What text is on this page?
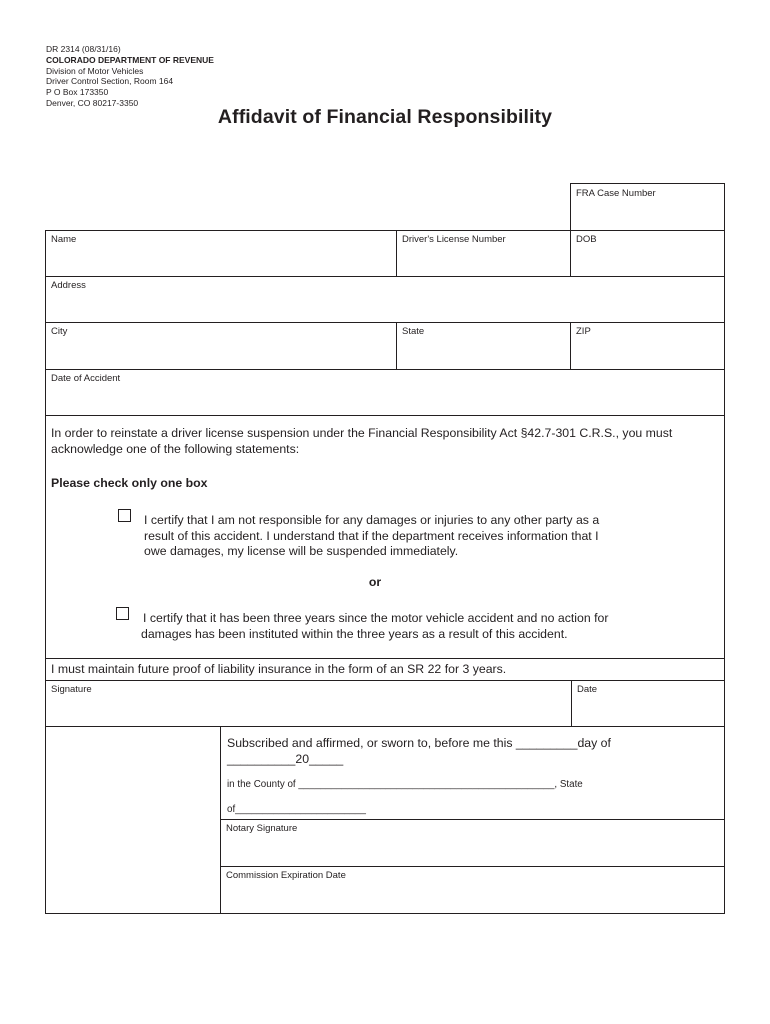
DR 2314 (08/31/16)
COLORADO DEPARTMENT OF REVENUE
Division of Motor Vehicles
Driver Control Section, Room 164
P O Box 173350
Denver, CO 80217-3350
Affidavit of Financial Responsibility
FRA Case Number
Name	Driver's License Number	DOB
Address
City	State	ZIP
Date of Accident
In order to reinstate a driver license suspension under the Financial Responsibility Act §42.7-301 C.R.S., you must
acknowledge one of the following statements:
Please check only one box
I certify that I am not responsible for any damages or injuries to any other party as a
result of this accident. I understand that if the department receives information that I
owe damages, my license will be suspended immediately.
or
I certify that it has been three years since the motor vehicle accident and no action for
damages has been instituted within the three years as a result of this accident.
I must maintain future proof of liability insurance in the form of an SR 22 for 3 years.
Signature	Date
Subscribed and affirmed, or sworn to, before me this _________day of
__________20_____
in the County of _______________________________________________, State
of________________________
Notary Signature
Commission Expiration Date
